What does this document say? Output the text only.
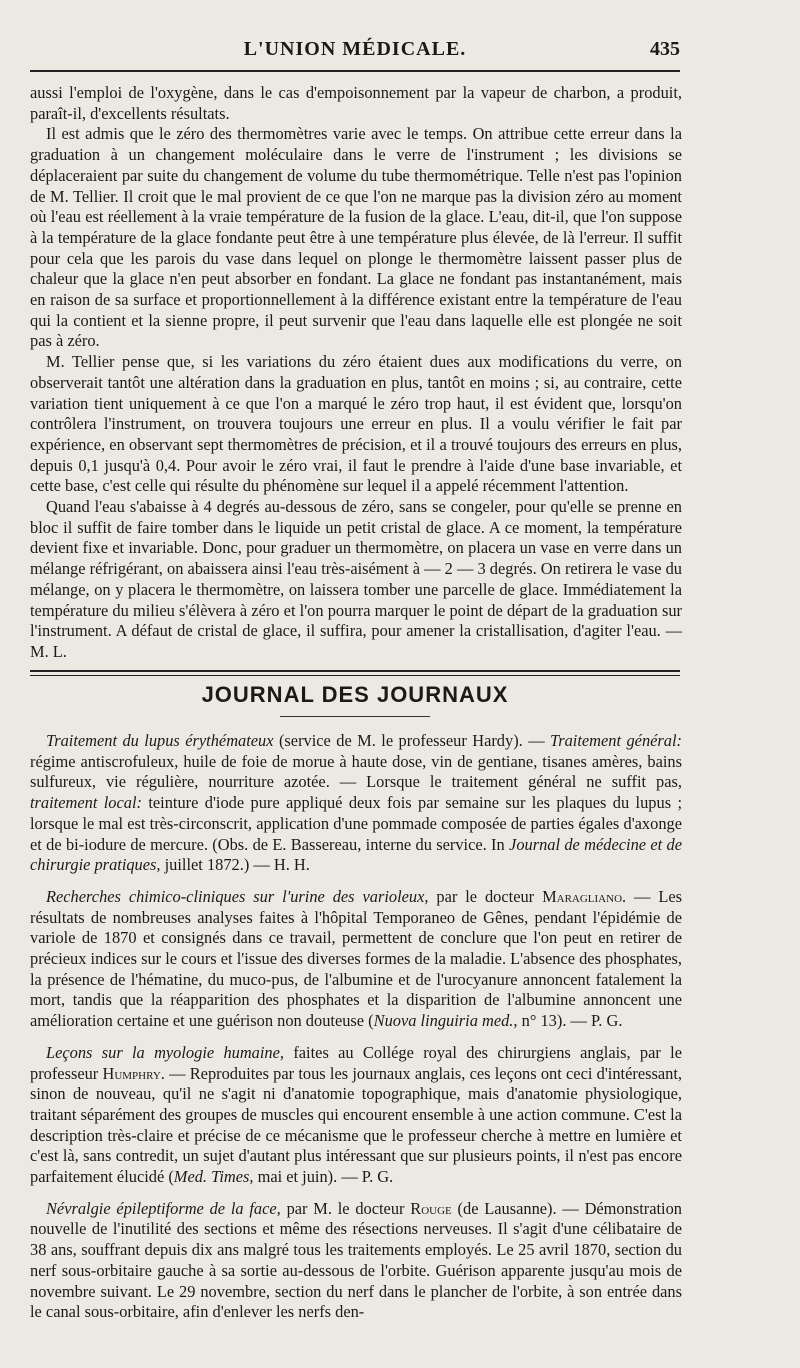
L'UNION MÉDICALE.	435

aussi l'emploi de l'oxygène, dans le cas d'empoisonnement par la vapeur de charbon, a produit, paraît-il, d'excellents résultats.

Il est admis que le zéro des thermomètres varie avec le temps. On attribue cette erreur dans la graduation à un changement moléculaire dans le verre de l'instrument ; les divisions se déplaceraient par suite du changement de volume du tube thermométrique. Telle n'est pas l'opinion de M. Tellier. Il croit que le mal provient de ce que l'on ne marque pas la division zéro au moment où l'eau est réellement à la vraie température de la fusion de la glace. L'eau, dit-il, que l'on suppose à la température de la glace fondante peut être à une température plus élevée, de là l'erreur. Il suffit pour cela que les parois du vase dans lequel on plonge le thermomètre laissent passer plus de chaleur que la glace n'en peut absorber en fondant. La glace ne fondant pas instantanément, mais en raison de sa surface et proportionnellement à la différence existant entre la température de l'eau qui la contient et la sienne propre, il peut survenir que l'eau dans laquelle elle est plongée ne soit pas à zéro.

M. Tellier pense que, si les variations du zéro étaient dues aux modifications du verre, on observerait tantôt une altération dans la graduation en plus, tantôt en moins ; si, au contraire, cette variation tient uniquement à ce que l'on a marqué le zéro trop haut, il est évident que, lorsqu'on contrôlera l'instrument, on trouvera toujours une erreur en plus. Il a voulu vérifier le fait par expérience, en observant sept thermomètres de précision, et il a trouvé toujours des erreurs en plus, depuis 0,1 jusqu'à 0,4. Pour avoir le zéro vrai, il faut le prendre à l'aide d'une base invariable, et cette base, c'est celle qui résulte du phénomène sur lequel il a appelé récemment l'attention.

Quand l'eau s'abaisse à 4 degrés au-dessous de zéro, sans se congeler, pour qu'elle se prenne en bloc il suffit de faire tomber dans le liquide un petit cristal de glace. A ce moment, la température devient fixe et invariable. Donc, pour graduer un thermomètre, on placera un vase en verre dans un mélange réfrigérant, on abaissera ainsi l'eau très-aisément à — 2 — 3 degrés. On retirera le vase du mélange, on y placera le thermomètre, on laissera tomber une parcelle de glace. Immédiatement la température du milieu s'élèvera à zéro et l'on pourra marquer le point de départ de la graduation sur l'instrument. A défaut de cristal de glace, il suffira, pour amener la cristallisation, d'agiter l'eau. — M. L.

JOURNAL DES JOURNAUX

Traitement du lupus érythémateux (service de M. le professeur Hardy). — Traitement général: régime antiscrofuleux, huile de foie de morue à haute dose, vin de gentiane, tisanes amères, bains sulfureux, vie régulière, nourriture azotée. — Lorsque le traitement général ne suffit pas, traitement local: teinture d'iode pure appliqué deux fois par semaine sur les plaques du lupus ; lorsque le mal est très-circonscrit, application d'une pommade composée de parties égales d'axonge et de bi-iodure de mercure. (Obs. de E. Bassereau, interne du service. In Journal de médecine et de chirurgie pratiques, juillet 1872.) — H. H.

Recherches chimico-cliniques sur l'urine des varioleux, par le docteur Maragliano. — Les résultats de nombreuses analyses faites à l'hôpital Temporaneo de Gênes, pendant l'épidémie de variole de 1870 et consignés dans ce travail, permettent de conclure que l'on peut en retirer de précieux indices sur le cours et l'issue des diverses formes de la maladie. L'absence des phosphates, la présence de l'hématine, du muco-pus, de l'albumine et de l'urocyanure annoncent fatalement la mort, tandis que la réapparition des phosphates et la disparition de l'albumine annoncent une amélioration certaine et une guérison non douteuse (Nuova linguiria med., n° 13). — P. G.

Leçons sur la myologie humaine, faites au Collége royal des chirurgiens anglais, par le professeur Humphry. — Reproduites par tous les journaux anglais, ces leçons ont ceci d'intéressant, sinon de nouveau, qu'il ne s'agit ni d'anatomie topographique, mais d'anatomie physiologique, traitant séparément des groupes de muscles qui encourent ensemble à une action commune. C'est la description très-claire et précise de ce mécanisme que le professeur cherche à mettre en lumière et c'est là, sans contredit, un sujet d'autant plus intéressant que sur plusieurs points, il n'est pas encore parfaitement élucidé (Med. Times, mai et juin). — P. G.

Névralgie épileptiforme de la face, par M. le docteur Rouge (de Lausanne). — Démonstration nouvelle de l'inutilité des sections et même des résections nerveuses. Il s'agit d'une célibataire de 38 ans, souffrant depuis dix ans malgré tous les traitements employés. Le 25 avril 1870, section du nerf sous-orbitaire gauche à sa sortie au-dessous de l'orbite. Guérison apparente jusqu'au mois de novembre suivant. Le 29 novembre, section du nerf dans le plancher de l'orbite, à son entrée dans le canal sous-orbitaire, afin d'enlever les nerfs den-
